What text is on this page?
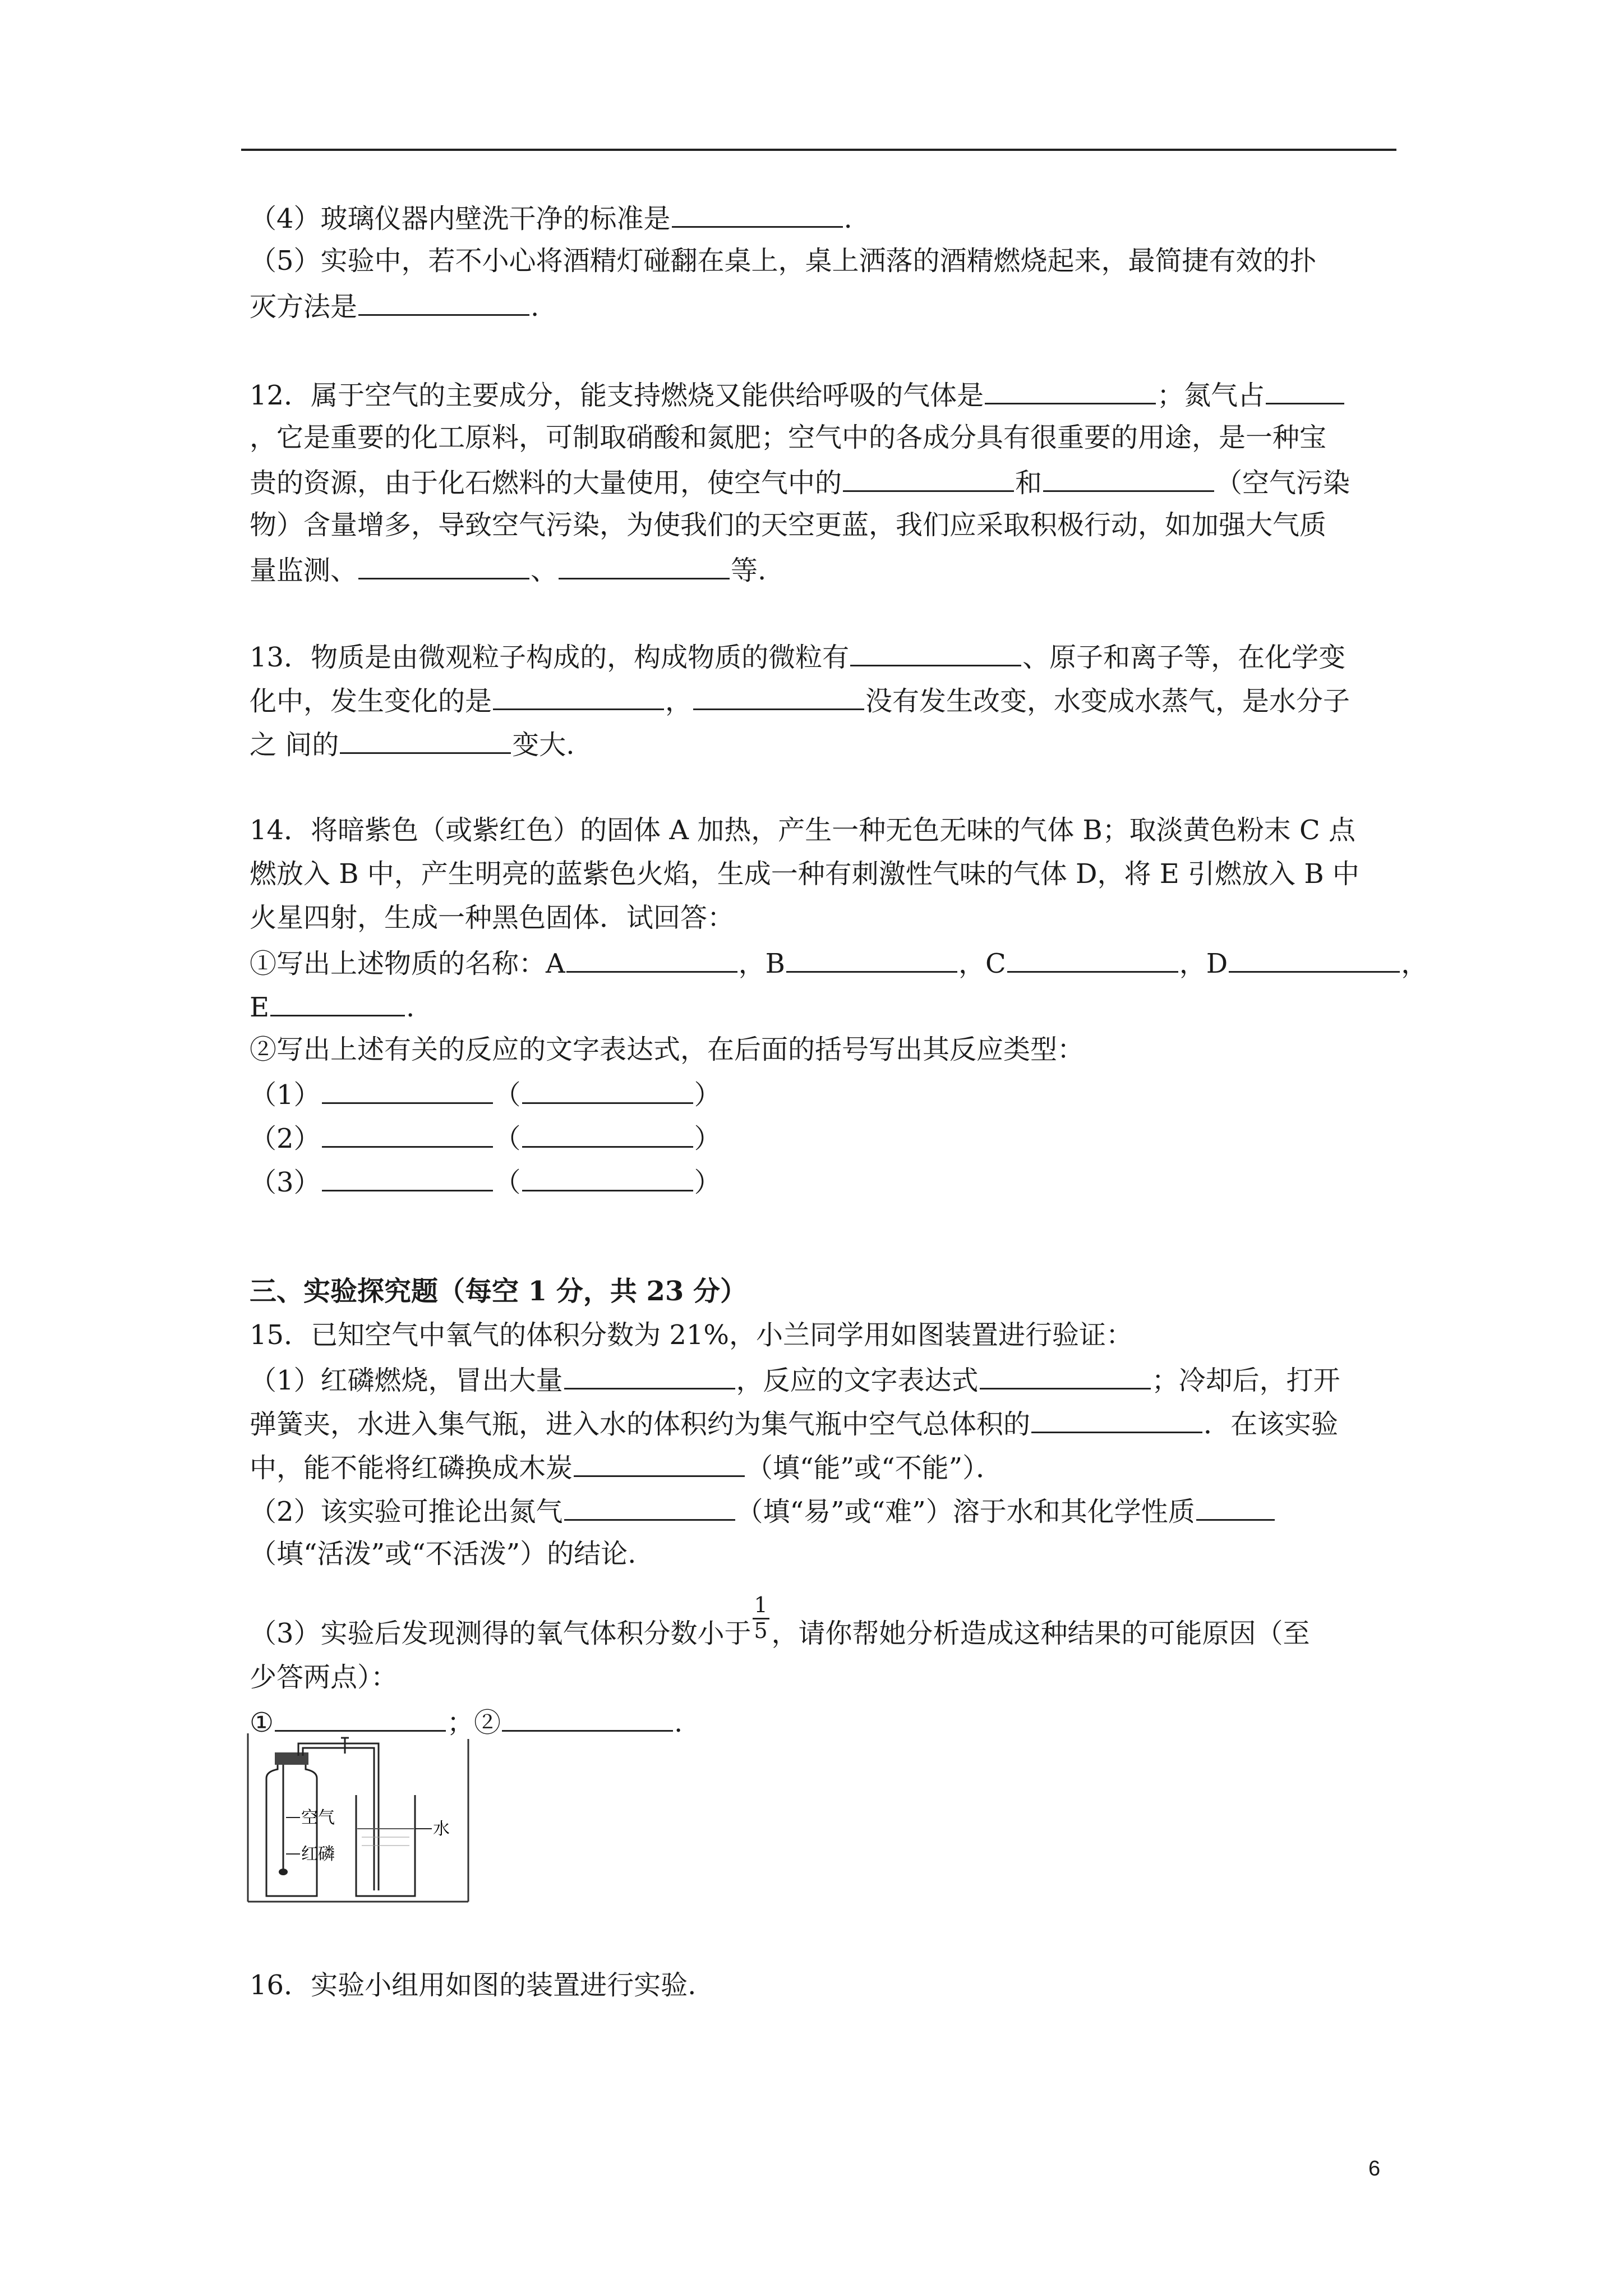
（4）玻璃仪器内壁洗干净的标准是	.
（5）实验中，若不小心将酒精灯碰翻在桌上，桌上洒落的酒精燃烧起来，最简捷有效的扑
灭方法是	.
12．属于空气的主要成分，能支持燃烧又能供给呼吸的气体是	；氮气占
，它是重要的化工原料，可制取硝酸和氮肥；空气中的各成分具有很重要的用途，是一种宝
贵的资源，由于化石燃料的大量使用，使空气中的	和	（空气污染
物）含量增多，导致空气污染，为使我们的天空更蓝，我们应采取积极行动，如加强大气质
量监测、	、	等.
13．物质是由微观粒子构成的，构成物质的微粒有	、原子和离子等，在化学变
化中，发生变化的是	，	没有发生改变，水变成水蒸气，是水分子
之 间的	变大.
14．将暗紫色（或紫红色）的固体 A 加热，产生一种无色无味的气体 B；取淡黄色粉末 C 点
燃放入 B 中，产生明亮的蓝紫色火焰，生成一种有刺激性气味的气体 D，将 E 引燃放入 B 中
火星四射，生成一种黑色固体．试回答：
①写出上述物质的名称：A	，B	，C	，D	，
E	.
②写出上述有关的反应的文字表达式，在后面的括号写出其反应类型：
（1）	（	）
（2）	（	）
（3）	（	）
三、实验探究题（每空 1 分，共 23 分）
15．已知空气中氧气的体积分数为 21%，小兰同学用如图装置进行验证：
（1）红磷燃烧，冒出大量	，反应的文字表达式	；冷却后，打开
弹簧夹，水进入集气瓶，进入水的体积约为集气瓶中空气总体积的	．在该实验
中，能不能将红磷换成木炭	（填“能”或“不能”）．
（2）该实验可推论出氮气	（填“易”或“难”）溶于水和其化学性质
（填“活泼”或“不活泼”）的结论.
（3）实验后发现测得的氧气体积分数小于 $\frac{1}{5}$ ，请你帮她分析造成这种结果的可能原因（至
少答两点）：
①	；②	.
空气
红磷
水
16．实验小组用如图的装置进行实验.
6
